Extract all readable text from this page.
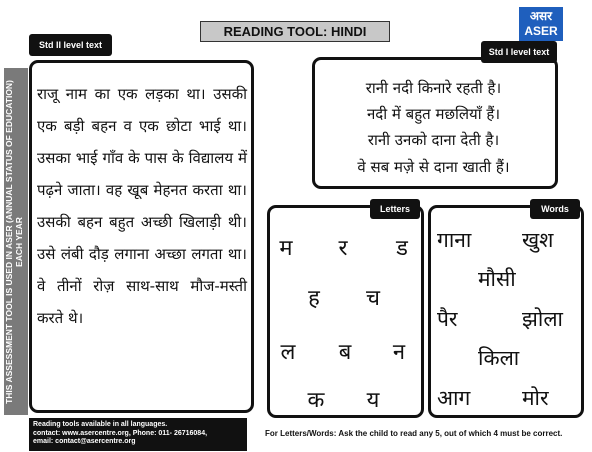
READING TOOL: HINDI
असर
ASER
THIS ASSESSMENT TOOL IS USED IN ASER (ANNUAL STATUS OF EDUCATION) EACH YEAR
Std II level text
राजू नाम का एक लड़का था। उसकी एक बड़ी बहन व एक छोटा भाई था। उसका भाई गाँव के पास के विद्यालय में पढ़ने जाता। वह खूब मेहनत करता था। उसकी बहन बहुत अच्छी खिलाड़ी थी। उसे लंबी दौड़ लगाना अच्छा लगता था। वे तीनों रोज़ साथ-साथ मौज-मस्ती करते थे।
Std I level text
रानी नदी किनारे रहती है।
नदी में बहुत मछलियाँ हैं।
रानी उनको दाना देती है।
वे सब मज़े से दाना खाती हैं।
Letters
म	र	ड
ह	च
ल	ब	न
क	य
Words
गाना खुश
मौसी
पैर	झोला
किला
आग मोर
Reading tools available in all languages.
contact: www.asercentre.org, Phone: 011- 26716084,
email: contact@asercentre.org
For Letters/Words: Ask the child to read any 5, out of which 4 must be correct.
